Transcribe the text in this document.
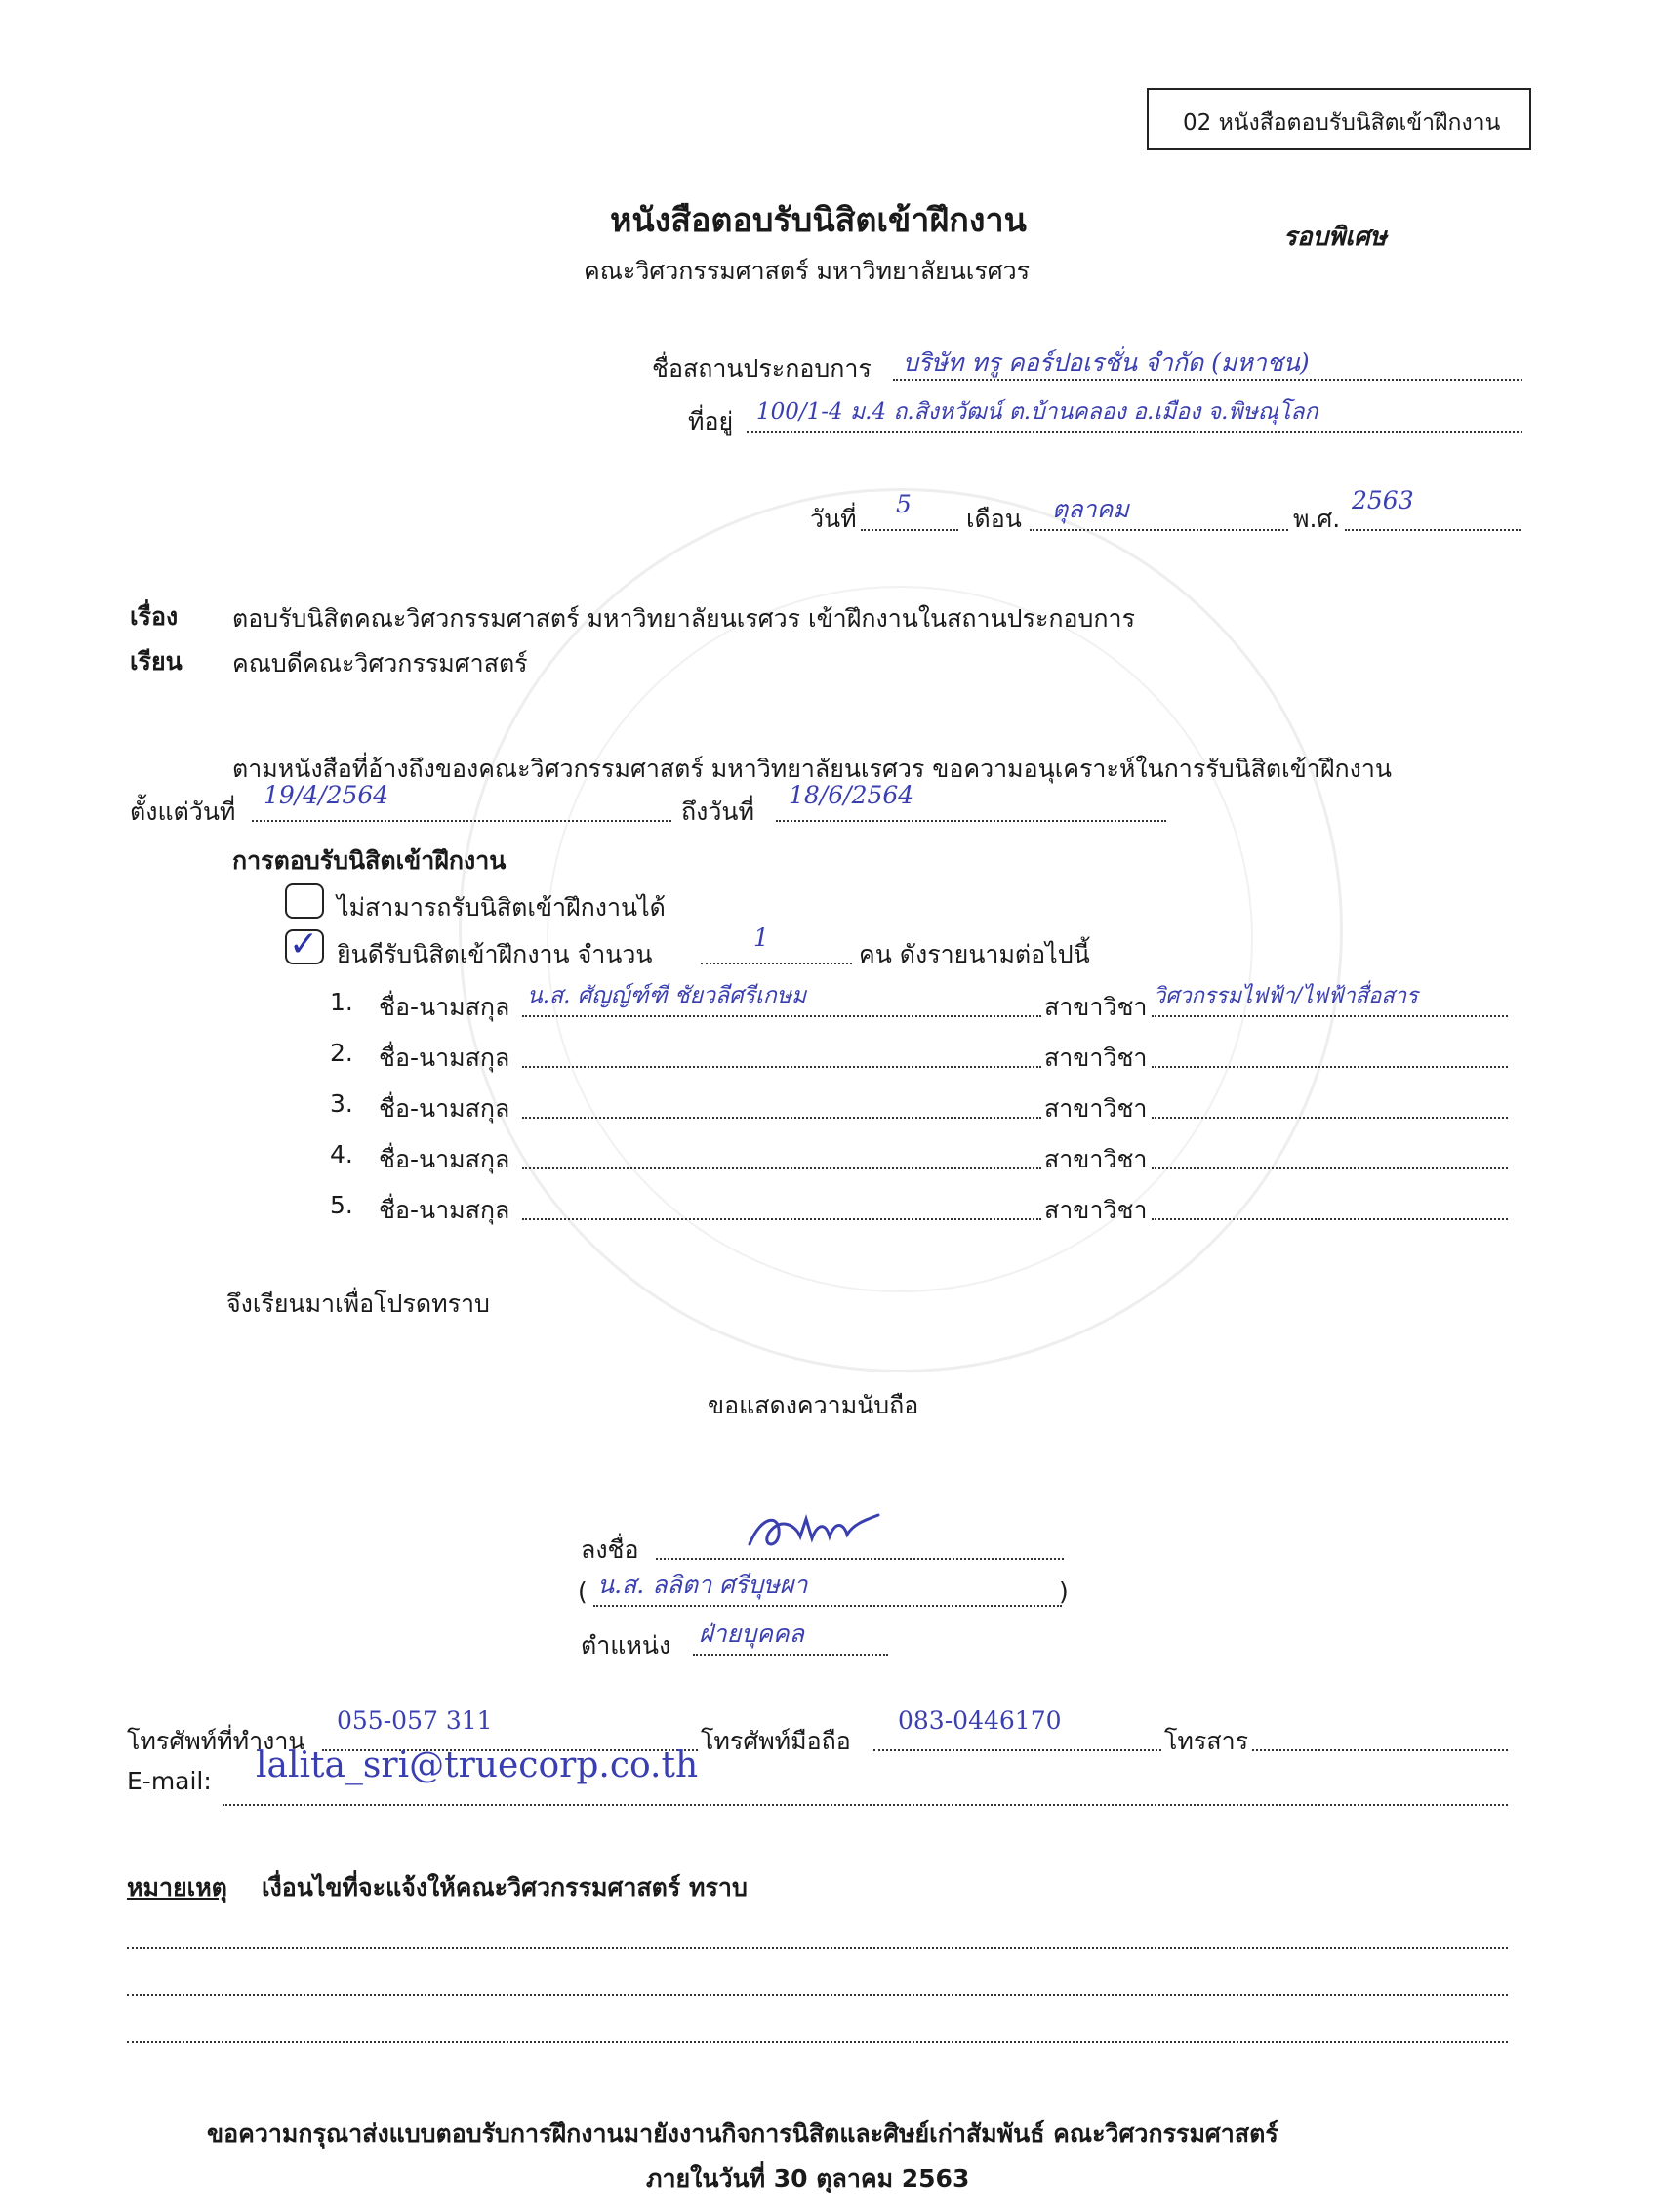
02 หนังสือตอบรับนิสิตเข้าฝึกงาน
หนังสือตอบรับนิสิตเข้าฝึกงาน	รอบพิเศษ
คณะวิศวกรรมศาสตร์ มหาวิทยาลัยนเรศวร
ชื่อสถานประกอบการ บริษัท ทรู คอร์ปอเรชั่น จำกัด (มหาชน)
ที่อยู่ 100/1-4 ม.4 ถ.สิงหวัฒน์ ต.บ้านคลอง อ.เมือง จ.พิษณุโลก
วันที่
5
เดือน ตุลาคม	พ.ศ.
2563
เรื่อง ตอบรับนิสิตคณะวิศวกรรมศาสตร์ มหาวิทยาลัยนเรศวร เข้าฝึกงานในสถานประกอบการ
เรียน คณบดีคณะวิศวกรรมศาสตร์
ตามหนังสือที่อ้างถึงของคณะวิศวกรรมศาสตร์ มหาวิทยาลัยนเรศวร ขอความอนุเคราะห์ในการรับนิสิตเข้าฝึกงาน
ตั้งแต่วันที่
19/4/2564
ถึงวันที่
18/6/2564
การตอบรับนิสิตเข้าฝึกงาน
ไม่สามารถรับนิสิตเข้าฝึกงานได้
✓ ยินดีรับนิสิตเข้าฝึกงาน จำนวน
1
คน ดังรายนามต่อไปนี้
1. ชื่อ-นามสกุล น.ส. ศัญญ์ฑ์ฑี ชัยวลีศรีเกษม	สาขาวิชา วิศวกรรมไฟฟ้า/ไฟฟ้าสื่อสาร
2. ชื่อ-นามสกุล	สาขาวิชา
3. ชื่อ-นามสกุล	สาขาวิชา
4. ชื่อ-นามสกุล	สาขาวิชา
5. ชื่อ-นามสกุล	สาขาวิชา
จึงเรียนมาเพื่อโปรดทราบ
ขอแสดงความนับถือ
ลงชื่อ
( น.ส. ลลิตา ศรีบุษผา	)
ตำแหน่ง ฝ่ายบุคคล
โทรศัพท์ที่ทำงาน
055-057 311
โทรศัพท์มือถือ
083-0446170
โทรสาร
E-mail: lalita_sri@truecorp.co.th
หมายเหตุ เงื่อนไขที่จะแจ้งให้คณะวิศวกรรมศาสตร์ ทราบ
ขอความกรุณาส่งแบบตอบรับการฝึกงานมายังงานกิจการนิสิตและศิษย์เก่าสัมพันธ์ คณะวิศวกรรมศาสตร์
ภายในวันที่ 30 ตุลาคม 2563
